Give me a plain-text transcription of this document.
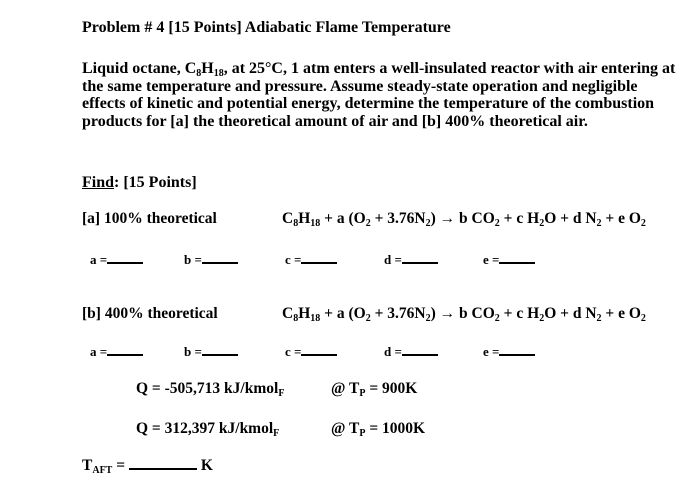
Problem # 4 [15 Points] Adiabatic Flame Temperature
Liquid octane, $C_8H_{18}$, at 25°C, 1 atm enters a well-insulated reactor with air entering at the same temperature and pressure. Assume steady-state operation and negligible effects of kinetic and potential energy, determine the temperature of the combustion products for [a] the theoretical amount of air and [b] 400% theoretical air.
Find: [15 Points]
[a] 100% theoretical	$C_8H_{18} + a$ $(O_2 + 3.76N_2) \to b$ $CO_2 + c$ $H_2O + d$ $N_2 + e$ $O_2$
a =	b =	c =	d =	e =
[b] 400% theoretical	$C_8H_{18} + a$ $(O_2 + 3.76N_2) \to b$ $CO_2 + c$ $H_2O + d$ $N_2 + e$ $O_2$
a =	b =	c =	d =	e =
Q = -505,713 kJ/kmol$_F$	@ $T_P = 900K$
Q = 312,397 kJ/kmol$_F$	@ $T_P = 1000K$
$T_{AFT}$ =	K
